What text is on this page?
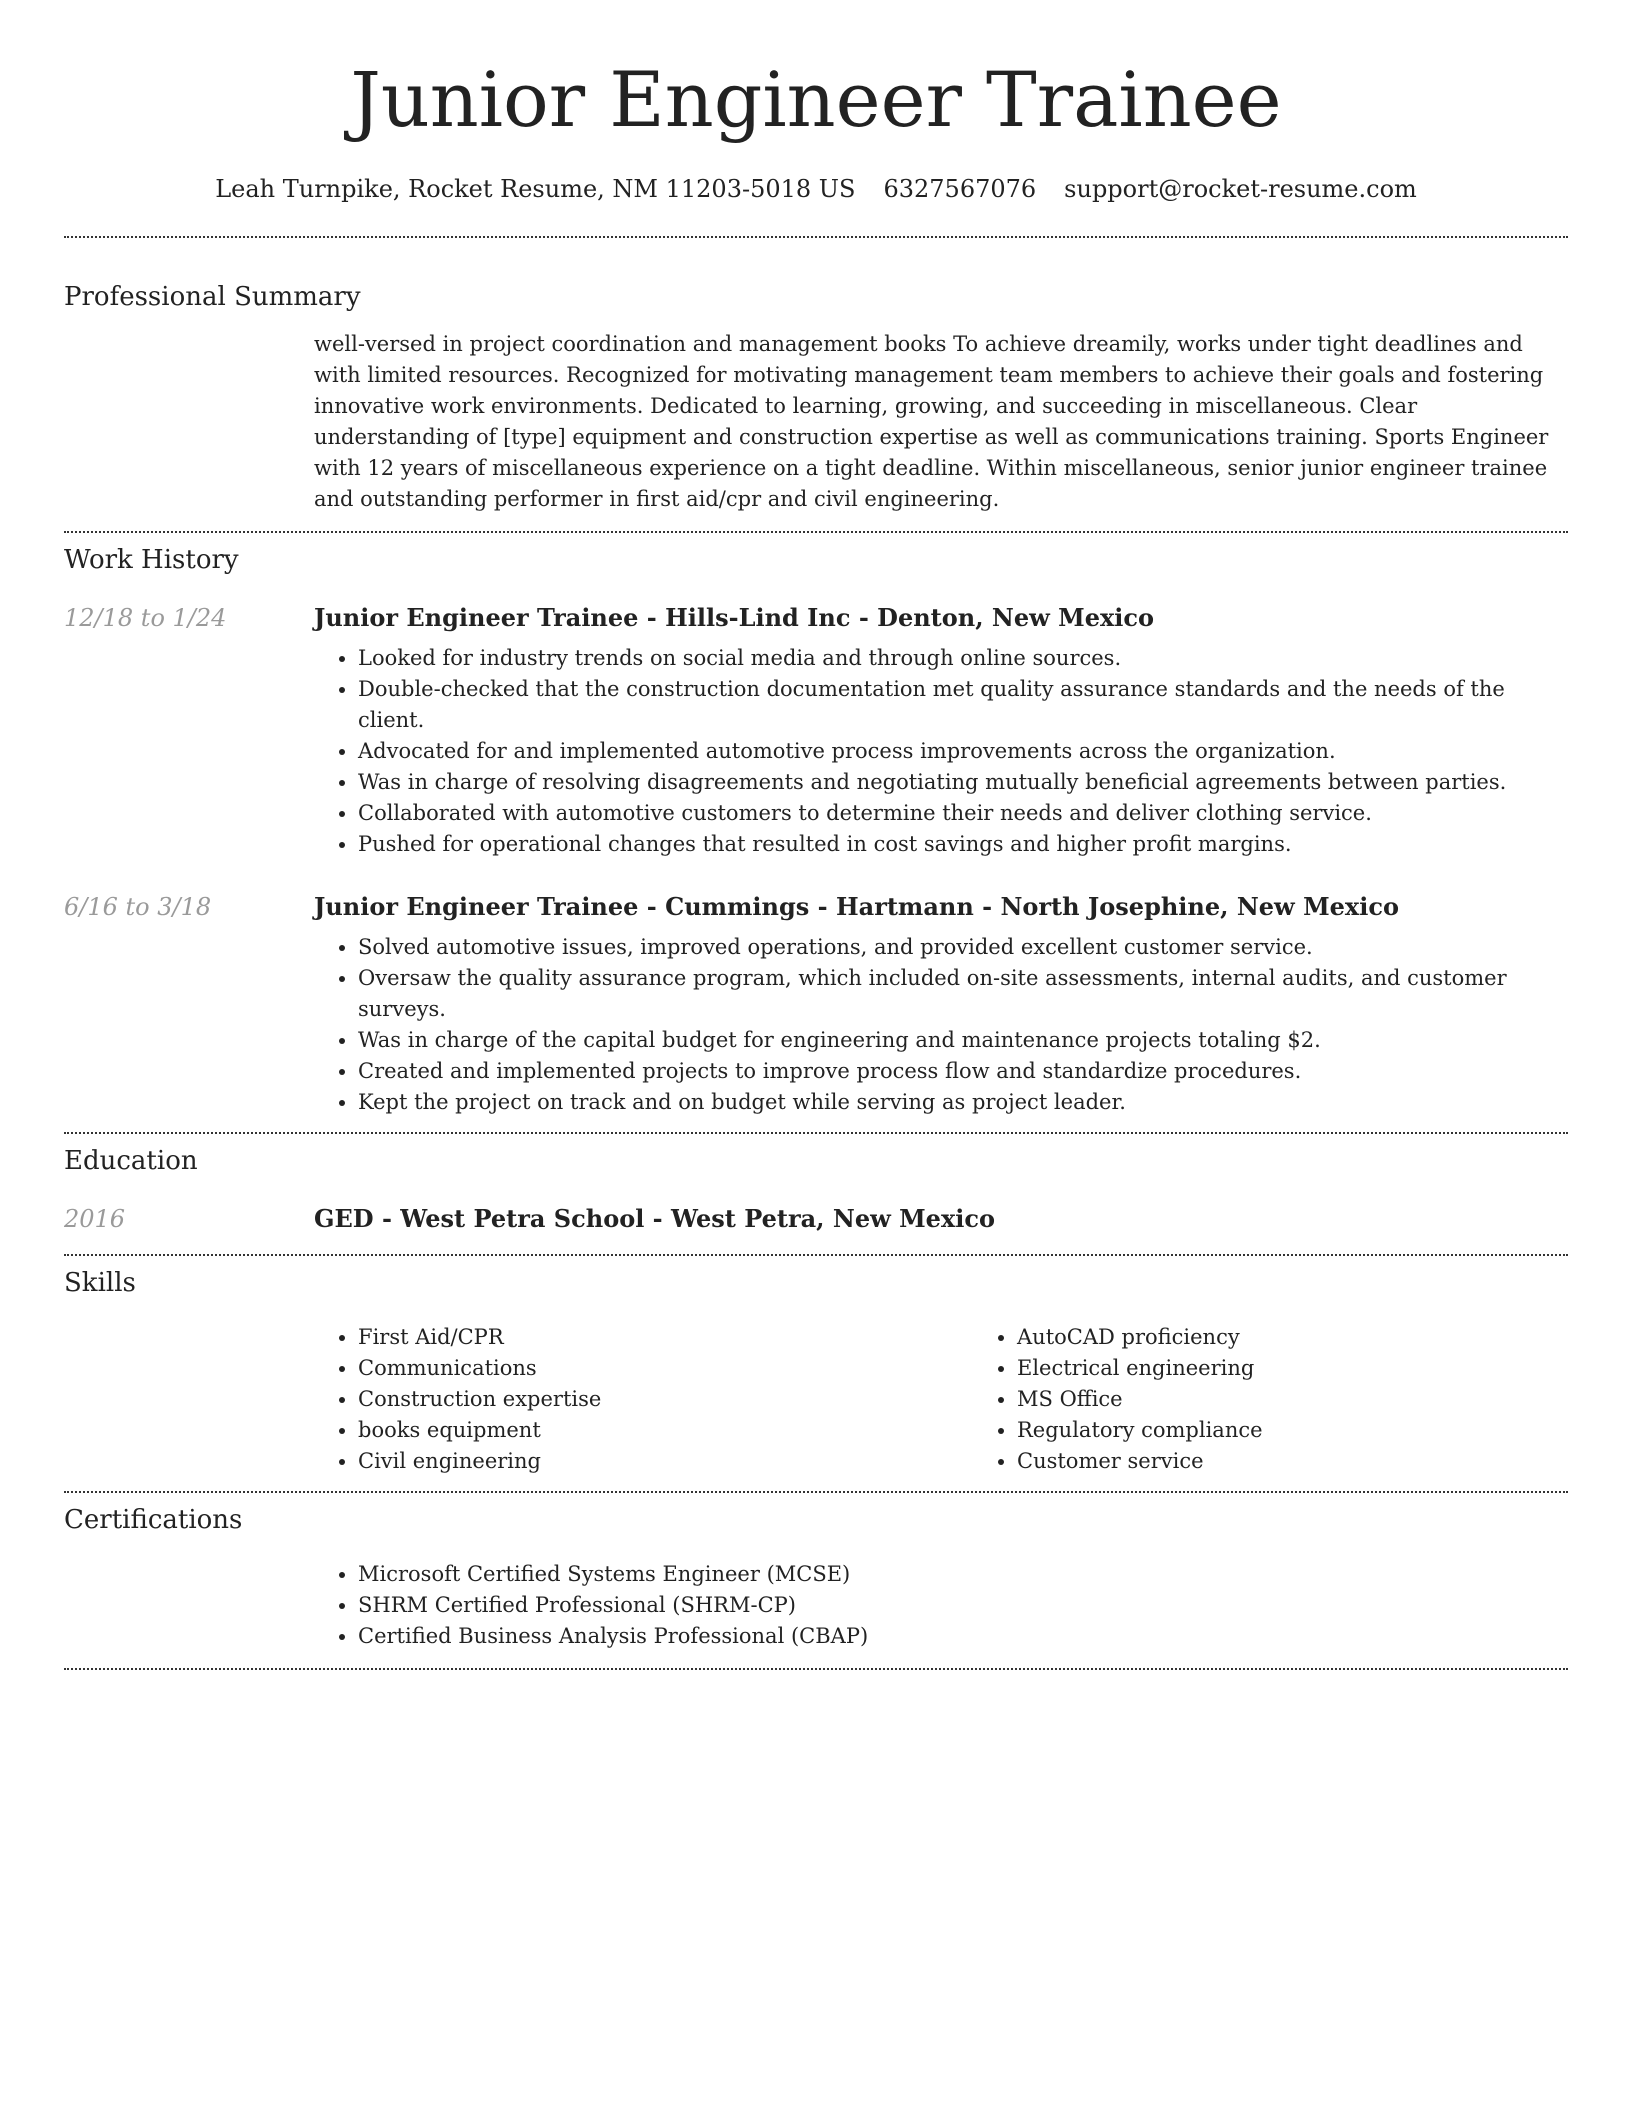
Junior Engineer Trainee
Leah Turnpike, Rocket Resume, NM 11203-5018 US 6327567076 support@rocket-resume.com
Professional Summary

well-versed in project coordination and management books To achieve dreamily, works under tight deadlines and with limited resources. Recognized for motivating management team members to achieve their goals and fostering innovative work environments. Dedicated to learning, growing, and succeeding in miscellaneous. Clear understanding of [type] equipment and construction expertise as well as communications training. Sports Engineer with 12 years of miscellaneous experience on a tight deadline. Within miscellaneous, senior junior engineer trainee and outstanding performer in first aid/cpr and civil engineering.

Work History
12/18 to 1/24	Junior Engineer Trainee - Hills-Lind Inc - Denton, New Mexico
• Looked for industry trends on social media and through online sources.
• Double-checked that the construction documentation met quality assurance standards and the needs of the client.
• Advocated for and implemented automotive process improvements across the organization.
• Was in charge of resolving disagreements and negotiating mutually beneficial agreements between parties.
• Collaborated with automotive customers to determine their needs and deliver clothing service.
• Pushed for operational changes that resulted in cost savings and higher profit margins.
6/16 to 3/18	Junior Engineer Trainee - Cummings - Hartmann - North Josephine, New Mexico
• Solved automotive issues, improved operations, and provided excellent customer service.
• Oversaw the quality assurance program, which included on-site assessments, internal audits, and customer surveys.
• Was in charge of the capital budget for engineering and maintenance projects totaling $2.
• Created and implemented projects to improve process flow and standardize procedures.
• Kept the project on track and on budget while serving as project leader.
Education
2016	GED - West Petra School - West Petra, New Mexico
Skills
• First Aid/CPR
• Communications
• Construction expertise
• books equipment
• Civil engineering
• AutoCAD proficiency
• Electrical engineering
• MS Office
• Regulatory compliance
• Customer service
Certifications
• Microsoft Certified Systems Engineer (MCSE)
• SHRM Certified Professional (SHRM-CP)
• Certified Business Analysis Professional (CBAP)
